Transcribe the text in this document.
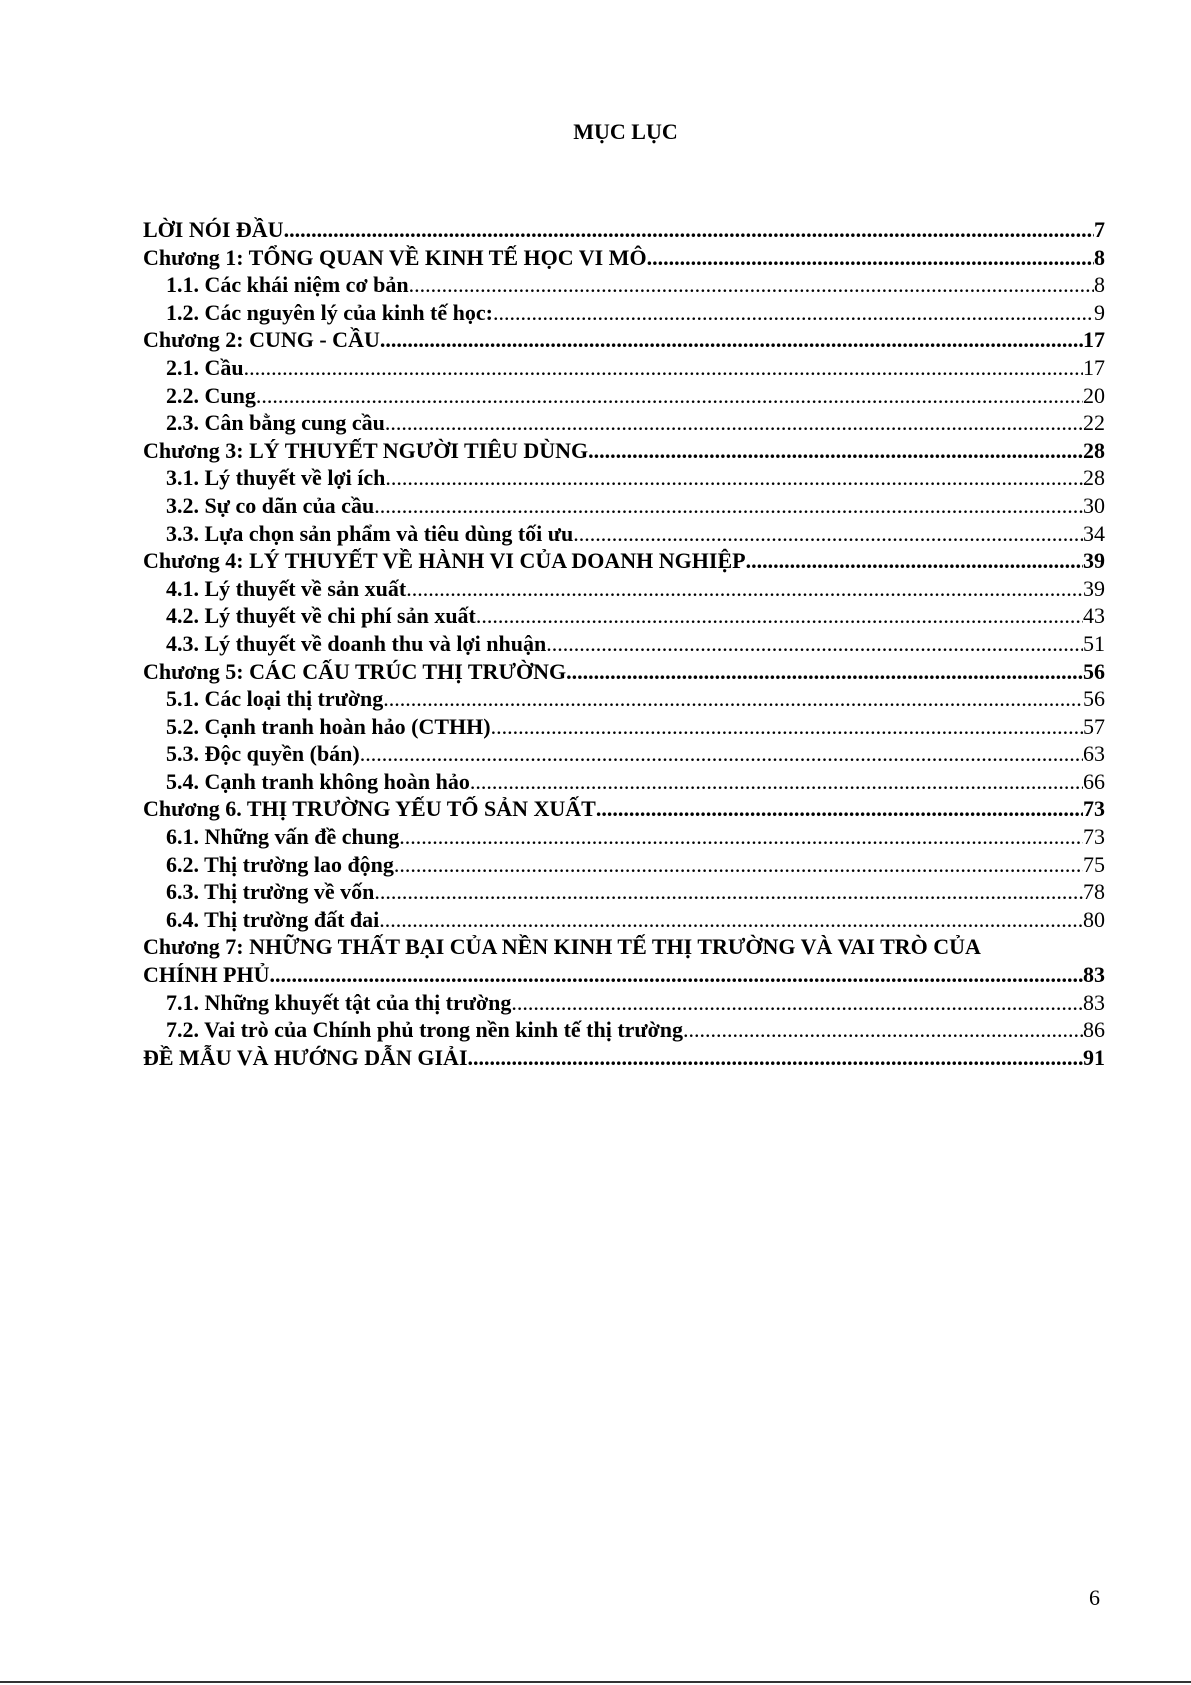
MỤC LỤC
LỜI NÓI ĐẦU .....	7
Chương 1: TỔNG QUAN VỀ KINH TẾ HỌC VI MÔ .....	8
1.1. Các khái niệm cơ bản .....	8
1.2. Các nguyên lý của kinh tế học: .....	9
Chương 2: CUNG - CẦU .....	17
2.1. Cầu .....	17
2.2. Cung .....	20
2.3. Cân bằng cung cầu .....	22
Chương 3: LÝ THUYẾT NGƯỜI TIÊU DÙNG .....	28
3.1. Lý thuyết về lợi ích .....	28
3.2. Sự co dãn của cầu .....	30
3.3. Lựa chọn sản phẩm và tiêu dùng tối ưu .....	34
Chương 4: LÝ THUYẾT VỀ HÀNH VI CỦA DOANH NGHIỆP .....	39
4.1. Lý thuyết về sản xuất .....	39
4.2. Lý thuyết về chi phí sản xuất .....	43
4.3. Lý thuyết về doanh thu và lợi nhuận .....	51
Chương 5: CÁC CẤU TRÚC THỊ TRƯỜNG .....	56
5.1. Các loại thị trường .....	56
5.2. Cạnh tranh hoàn hảo (CTHH) .....	57
5.3. Độc quyền (bán) .....	63
5.4. Cạnh tranh không hoàn hảo .....	66
Chương 6. THỊ TRƯỜNG YẾU TỐ SẢN XUẤT .....	73
6.1. Những vấn đề chung .....	73
6.2. Thị trường lao động .....	75
6.3. Thị trường về vốn .....	78
6.4. Thị trường đất đai .....	80
Chương 7: NHỮNG THẤT BẠI CỦA NỀN KINH TẾ THỊ TRƯỜNG VÀ VAI TRÒ CỦA
CHÍNH PHỦ .....	83
7.1. Những khuyết tật của thị trường .....	83
7.2. Vai trò của Chính phủ trong nền kinh tế thị trường .....	86
ĐỀ MẪU VÀ HƯỚNG DẪN GIẢI .....	91
6
